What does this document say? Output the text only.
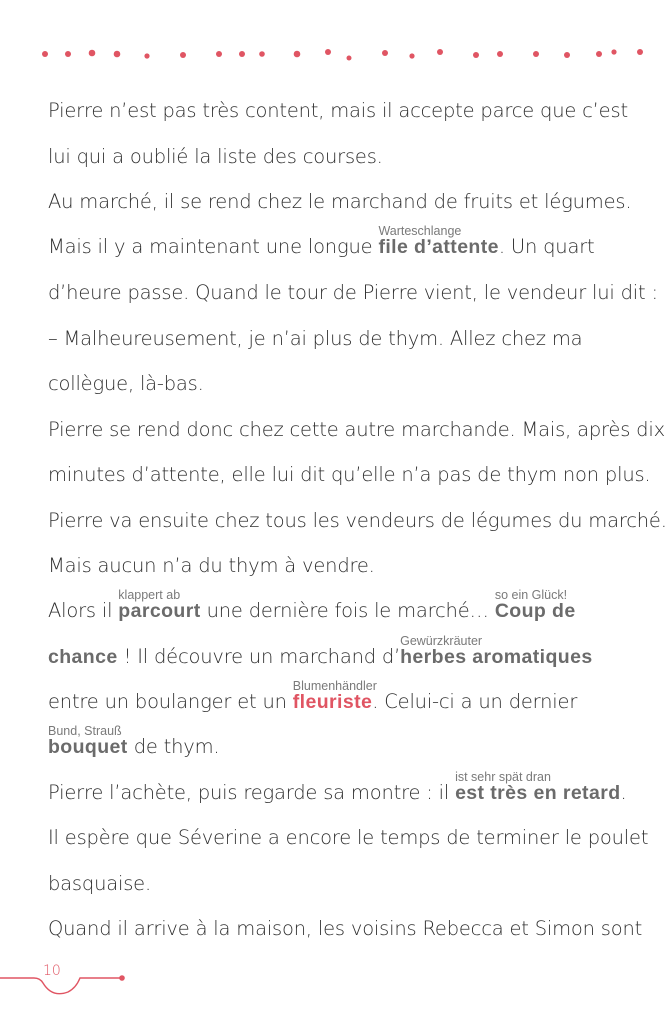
Pierre n’est pas très content, mais il accepte parce que c’est
lui qui a oublié la liste des courses.
Au marché, il se rend chez le marchand de fruits et légumes.
Mais il y a maintenant une longue
Warteschlange
file d’attente. Un quart
d’heure passe. Quand le tour de Pierre vient, le vendeur lui dit :
– Malheureusement, je n’ai plus de thym. Allez chez ma
collègue, là-bas.
Pierre se rend donc chez cette autre marchande. Mais, après dix
minutes d’attente, elle lui dit qu’elle n’a pas de thym non plus.
Pierre va ensuite chez tous les vendeurs de légumes du marché.
Mais aucun n’a du thym à vendre.
Alors il
klappert ab
parcourt une dernière fois le marché…
so ein Glück!
Coup de
chance ! Il découvre un marchand d’
Gewürzkräuter
herbes aromatiques
entre un boulanger et un
Blumenhändler
fleuriste. Celui-ci a un dernier
Bund, Strauß
bouquet de thym.
Pierre l’achète, puis regarde sa montre : il
ist sehr spät dran
est très en retard.
Il espère que Séverine a encore le temps de terminer le poulet
basquaise.
Quand il arrive à la maison, les voisins Rebecca et Simon sont
10
